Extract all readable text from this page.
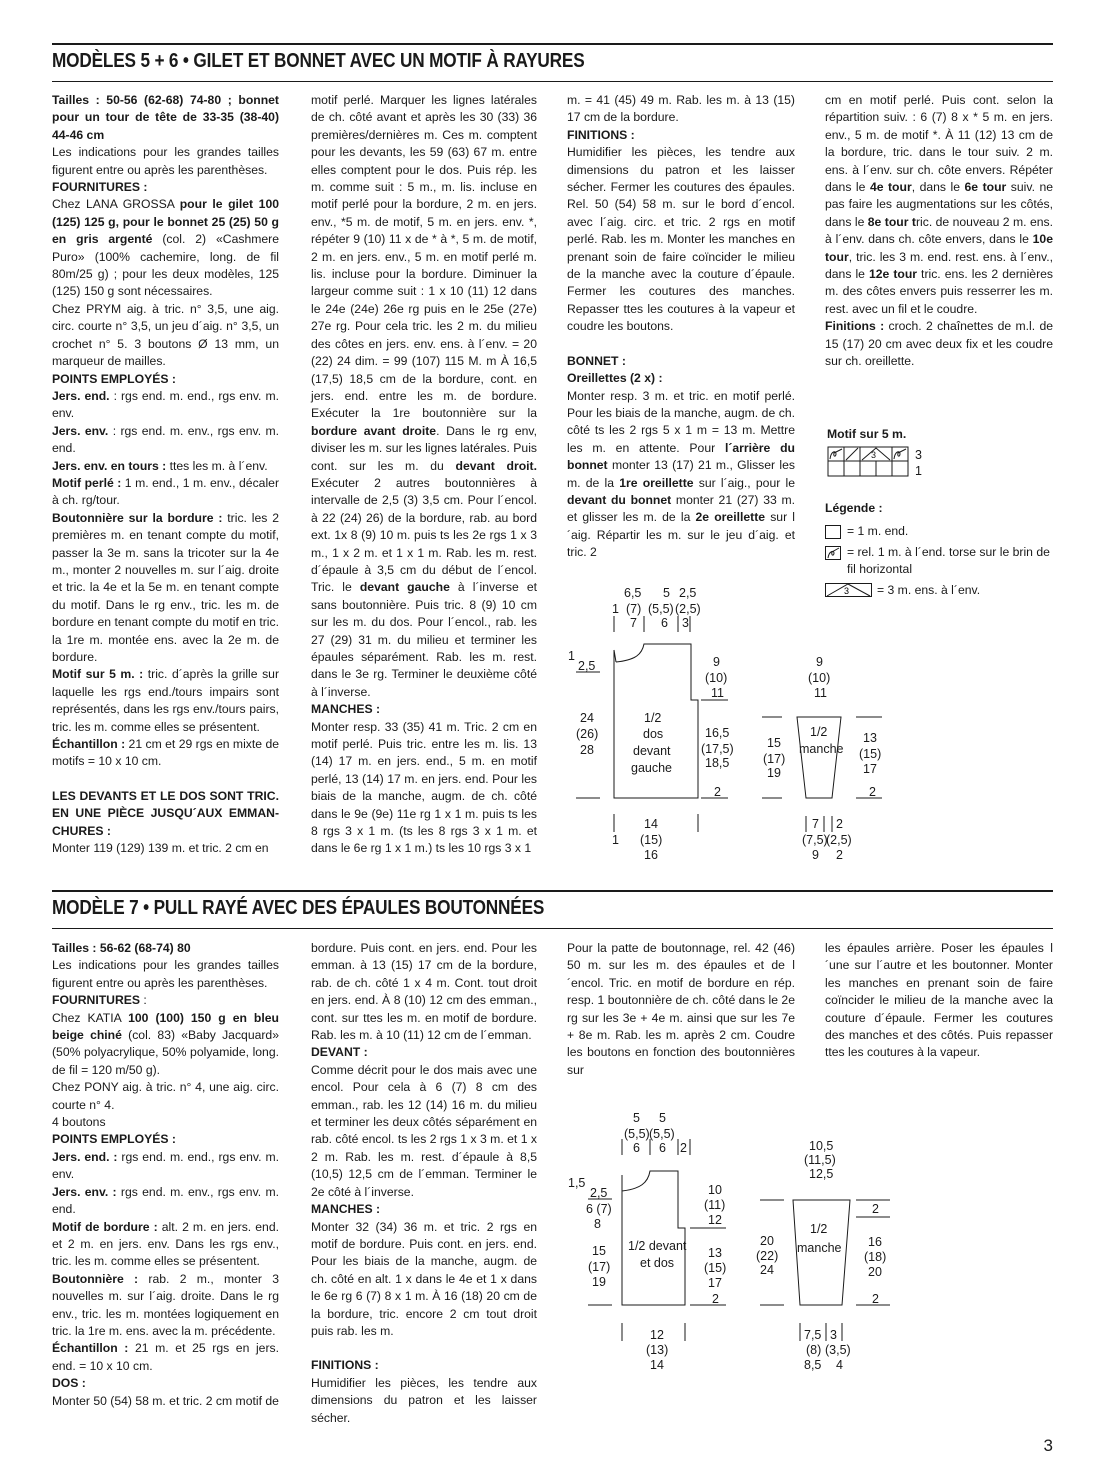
MODÈLES 5 + 6 • GILET ET BONNET AVEC UN MOTIF À RAYURES

Tailles : 50-56 (62-68) 74-80 ; bonnet pour un tour de tête de 33-35 (38-40) 44-46 cm

Les indications pour les grandes tailles figurent entre ou après les parenthèses.

FOURNITURES :

Chez LANA GROSSA pour le gilet 100 (125) 125 g, pour le bonnet 25 (25) 50 g en gris argenté (col. 2) «Cashmere Puro» (100% cachemire, long. de fil 80m/25 g) ; pour les deux modèles, 125 (125) 150 g sont nécessaires.

Chez PRYM aig. à tric. n° 3,5, une aig. circ. courte n° 3,5, un jeu d´aig. n° 3,5, un crochet n° 5. 3 boutons Ø 13 mm, un marqueur de mailles.

POINTS EMPLOYÉS :

Jers. end. : rgs end. m. end., rgs env. m. env.

Jers. env. : rgs end. m. env., rgs env. m. end.

Jers. env. en tours : ttes les m. à l´env.

Motif perlé : 1 m. end., 1 m. env., décaler à ch. rg/tour.

Boutonnière sur la bordure : tric. les 2 premières m. en tenant compte du motif, passer la 3e m. sans la tricoter sur la 4e m., monter 2 nouvelles m. sur l´aig. droite et tric. la 4e et la 5e m. en tenant compte du motif. Dans le rg env., tric. les m. de bordure en tenant compte du motif en tric. la 1re m. montée ens. avec la 2e m. de bordure.

Motif sur 5 m. : tric. d´après la grille sur laquelle les rgs end./tours impairs sont représentés, dans les rgs env./tours pairs, tric. les m. comme elles se présentent.

Échantillon : 21 cm et 29 rgs en mixte de motifs = 10 x 10 cm.

LES DEVANTS ET LE DOS SONT TRIC. EN UNE PIÈCE JUSQU´AUX EMMAN-CHURES :

Monter 119 (129) 139 m. et tric. 2 cm en

motif perlé. Marquer les lignes latérales de ch. côté avant et après les 30 (33) 36 premières/dernières m. Ces m. comptent pour les devants, les 59 (63) 67 m. entre elles comptent pour le dos. Puis rép. les m. comme suit : 5 m., m. lis. incluse en motif perlé pour la bordure, 2 m. en jers. env., *5 m. de motif, 5 m. en jers. env. *, répéter 9 (10) 11 x de * à *, 5 m. de motif, 2 m. en jers. env., 5 m. en motif perlé m. lis. incluse pour la bordure. Diminuer la largeur comme suit : 1 x 10 (11) 12 dans le 24e (24e) 26e rg puis en le 25e (27e) 27e rg. Pour cela tric. les 2 m. du milieu des côtes en jers. env. ens. à l´env. = 20 (22) 24 dim. = 99 (107) 115 M. m À 16,5 (17,5) 18,5 cm de la bordure, cont. en jers. end. entre les m. de bordure. Exécuter la 1re boutonnière sur la bordure avant droite. Dans le rg env, diviser les m. sur les lignes latérales. Puis cont. sur les m. du devant droit. Exécuter 2 autres boutonnières à intervalle de 2,5 (3) 3,5 cm. Pour l´encol. à 22 (24) 26) de la bordure, rab. au bord ext. 1x 8 (9) 10 m. puis ts les 2e rgs 1 x 3 m., 1 x 2 m. et 1 x 1 m. Rab. les m. rest. d´épaule à 3,5 cm du début de l´encol. Tric. le devant gauche à l´inverse et sans boutonnière. Puis tric. 8 (9) 10 cm sur les m. du dos. Pour l´encol., rab. les 27 (29) 31 m. du milieu et terminer les épaules séparément. Rab. les m. rest. dans le 3e rg. Terminer le deuxième côté à l´inverse.

MANCHES :

Monter resp. 33 (35) 41 m. Tric. 2 cm en motif perlé. Puis tric. entre les m. lis. 13 (14) 17 m. en jers. end., 5 m. en motif perlé, 13 (14) 17 m. en jers. end. Pour les biais de la manche, augm. de ch. côté dans le 9e (9e) 11e rg 1 x 1 m. puis ts les 8 rgs 3 x 1 m. (ts les 8 rgs 3 x 1 m. et dans le 6e rg 1 x 1 m.) ts les 10 rgs 3 x 1

m. = 41 (45) 49 m. Rab. les m. à 13 (15) 17 cm de la bordure.

FINITIONS :

Humidifier les pièces, les tendre aux dimensions du patron et les laisser sécher. Fermer les coutures des épaules. Rel. 50 (54) 58 m. sur le bord d´encol. avec l´aig. circ. et tric. 2 rgs en motif perlé. Rab. les m. Monter les manches en prenant soin de faire coïncider le milieu de la manche avec la couture d´épaule. Fermer les coutures des manches. Repasser ttes les coutures à la vapeur et coudre les boutons.

BONNET :

Oreillettes (2 x) :

Monter resp. 3 m. et tric. en motif perlé. Pour les biais de la manche, augm. de ch. côté ts les 2 rgs 5 x 1 m = 13 m. Mettre les m. en attente. Pour l´arrière du bonnet monter 13 (17) 21 m., Glisser les m. de la 1re oreillette sur l´aig., pour le devant du bonnet monter 21 (27) 33 m. et glisser les m. de la 2e oreillette sur l´aig. Répartir les m. sur le jeu d´aig. et tric. 2

cm en motif perlé. Puis cont. selon la répartition suiv. : 6 (7) 8 x * 5 m. en jers. env., 5 m. de motif *. À 11 (12) 13 cm de la bordure, tric. dans le tour suiv. 2 m. ens. à l´env. sur ch. côte envers. Répéter dans le 4e tour, dans le 6e tour suiv. ne pas faire les augmentations sur les côtés, dans le 8e tour tric. de nouveau 2 m. ens. à l´env. dans ch. côte envers, dans le 10e tour, tric. les 3 m. end. rest. ens. à l´env., dans le 12e tour tric. ens. les 2 dernières m. des côtes envers puis resserrer les m. rest. avec un fil et le coudre.

Finitions : croch. 2 chaînettes de m.l. de 15 (17) 20 cm avec deux fix et les coudre sur ch. oreillette.

Motif sur 5 m.
3	3
1
Légende :
= 1 m. end.
= rel. 1 m. à l´end. torse sur le brin de fil horizontal
3 = 3 m. ens. à l´env.
6,5 5 2,5
1 (7) (5,5) (2,5)
7 6 3
1
2,5
24
(26)
28
1/2
dos
devant
gauche
9
(10)
11
16,5
(17,5)
18,5
2
14
(15)
16
1
9
(10)
11
1/2
manche
15
(17)
19
13
(15)
17
2
7
(7,5)
9
2
(2,5)
2
MODÈLE 7 • PULL RAYÉ AVEC DES ÉPAULES BOUTONNÉES

Tailles : 56-62 (68-74) 80

Les indications pour les grandes tailles figurent entre ou après les parenthèses.

FOURNITURES :

Chez KATIA 100 (100) 150 g en bleu beige chiné (col. 83) «Baby Jacquard» (50% polyacrylique, 50% polyamide, long. de fil = 120 m/50 g).

Chez PONY aig. à tric. n° 4, une aig. circ. courte n° 4.

4 boutons

POINTS EMPLOYÉS :

Jers. end. : rgs end. m. end., rgs env. m. env.

Jers. env. : rgs end. m. env., rgs env. m. end.

Motif de bordure : alt. 2 m. en jers. end. et 2 m. en jers. env. Dans les rgs env., tric. les m. comme elles se présentent.

Boutonnière : rab. 2 m., monter 3 nouvelles m. sur l´aig. droite. Dans le rg env., tric. les m. montées logiquement en tric. la 1re m. ens. avec la m. précédente.

Échantillon : 21 m. et 25 rgs en jers. end. = 10 x 10 cm.

DOS :

Monter 50 (54) 58 m. et tric. 2 cm motif de

bordure. Puis cont. en jers. end. Pour les emman. à 13 (15) 17 cm de la bordure, rab. de ch. côté 1 x 4 m. Cont. tout droit en jers. end. À 8 (10) 12 cm des emman., cont. sur ttes les m. en motif de bordure. Rab. les m. à 10 (11) 12 cm de l´emman.

DEVANT :

Comme décrit pour le dos mais avec une encol. Pour cela à 6 (7) 8 cm des emman., rab. les 12 (14) 16 m. du milieu et terminer les deux côtés séparément en rab. côté encol. ts les 2 rgs 1 x 3 m. et 1 x 2 m. Rab. les m. rest. d´épaule à 8,5 (10,5) 12,5 cm de l´emman. Terminer le 2e côté à l´inverse.

MANCHES :

Monter 32 (34) 36 m. et tric. 2 rgs en motif de bordure. Puis cont. en jers. end. Pour les biais de la manche, augm. de ch. côté en alt. 1 x dans le 4e et 1 x dans le 6e rg 6 (7) 8 x 1 m. À 16 (18) 20 cm de la bordure, tric. encore 2 cm tout droit puis rab. les m.

FINITIONS :

Humidifier les pièces, les tendre aux dimensions du patron et les laisser sécher.

Pour la patte de boutonnage, rel. 42 (46) 50 m. sur les m. des épaules et de l´encol. Tric. en motif de bordure en rép. resp. 1 boutonnière de ch. côté dans le 2e rg sur les 3e + 4e m. ainsi que sur les 7e + 8e m. Rab. les m. après 2 cm. Coudre les boutons en fonction des boutonnières sur

les épaules arrière. Poser les épaules l´une sur l´autre et les boutonner. Monter les manches en prenant soin de faire coïncider le milieu de la manche avec la couture d´épaule. Fermer les coutures des manches et des côtés. Puis repasser ttes les coutures à la vapeur.

5 5
(5,5) (5,5)
6 6 2
1,5
2,5
6 (7)
8
15
(17)
19
1/2 devant
et dos
10
(11)
12
13
(15)
17
2
12
(13)
14
10,5
(11,5)
12,5
2
1/2
manche
20
(22)
24
16
(18)
20
2
7,5
(8)
8,5
3
(3,5)
4
3
